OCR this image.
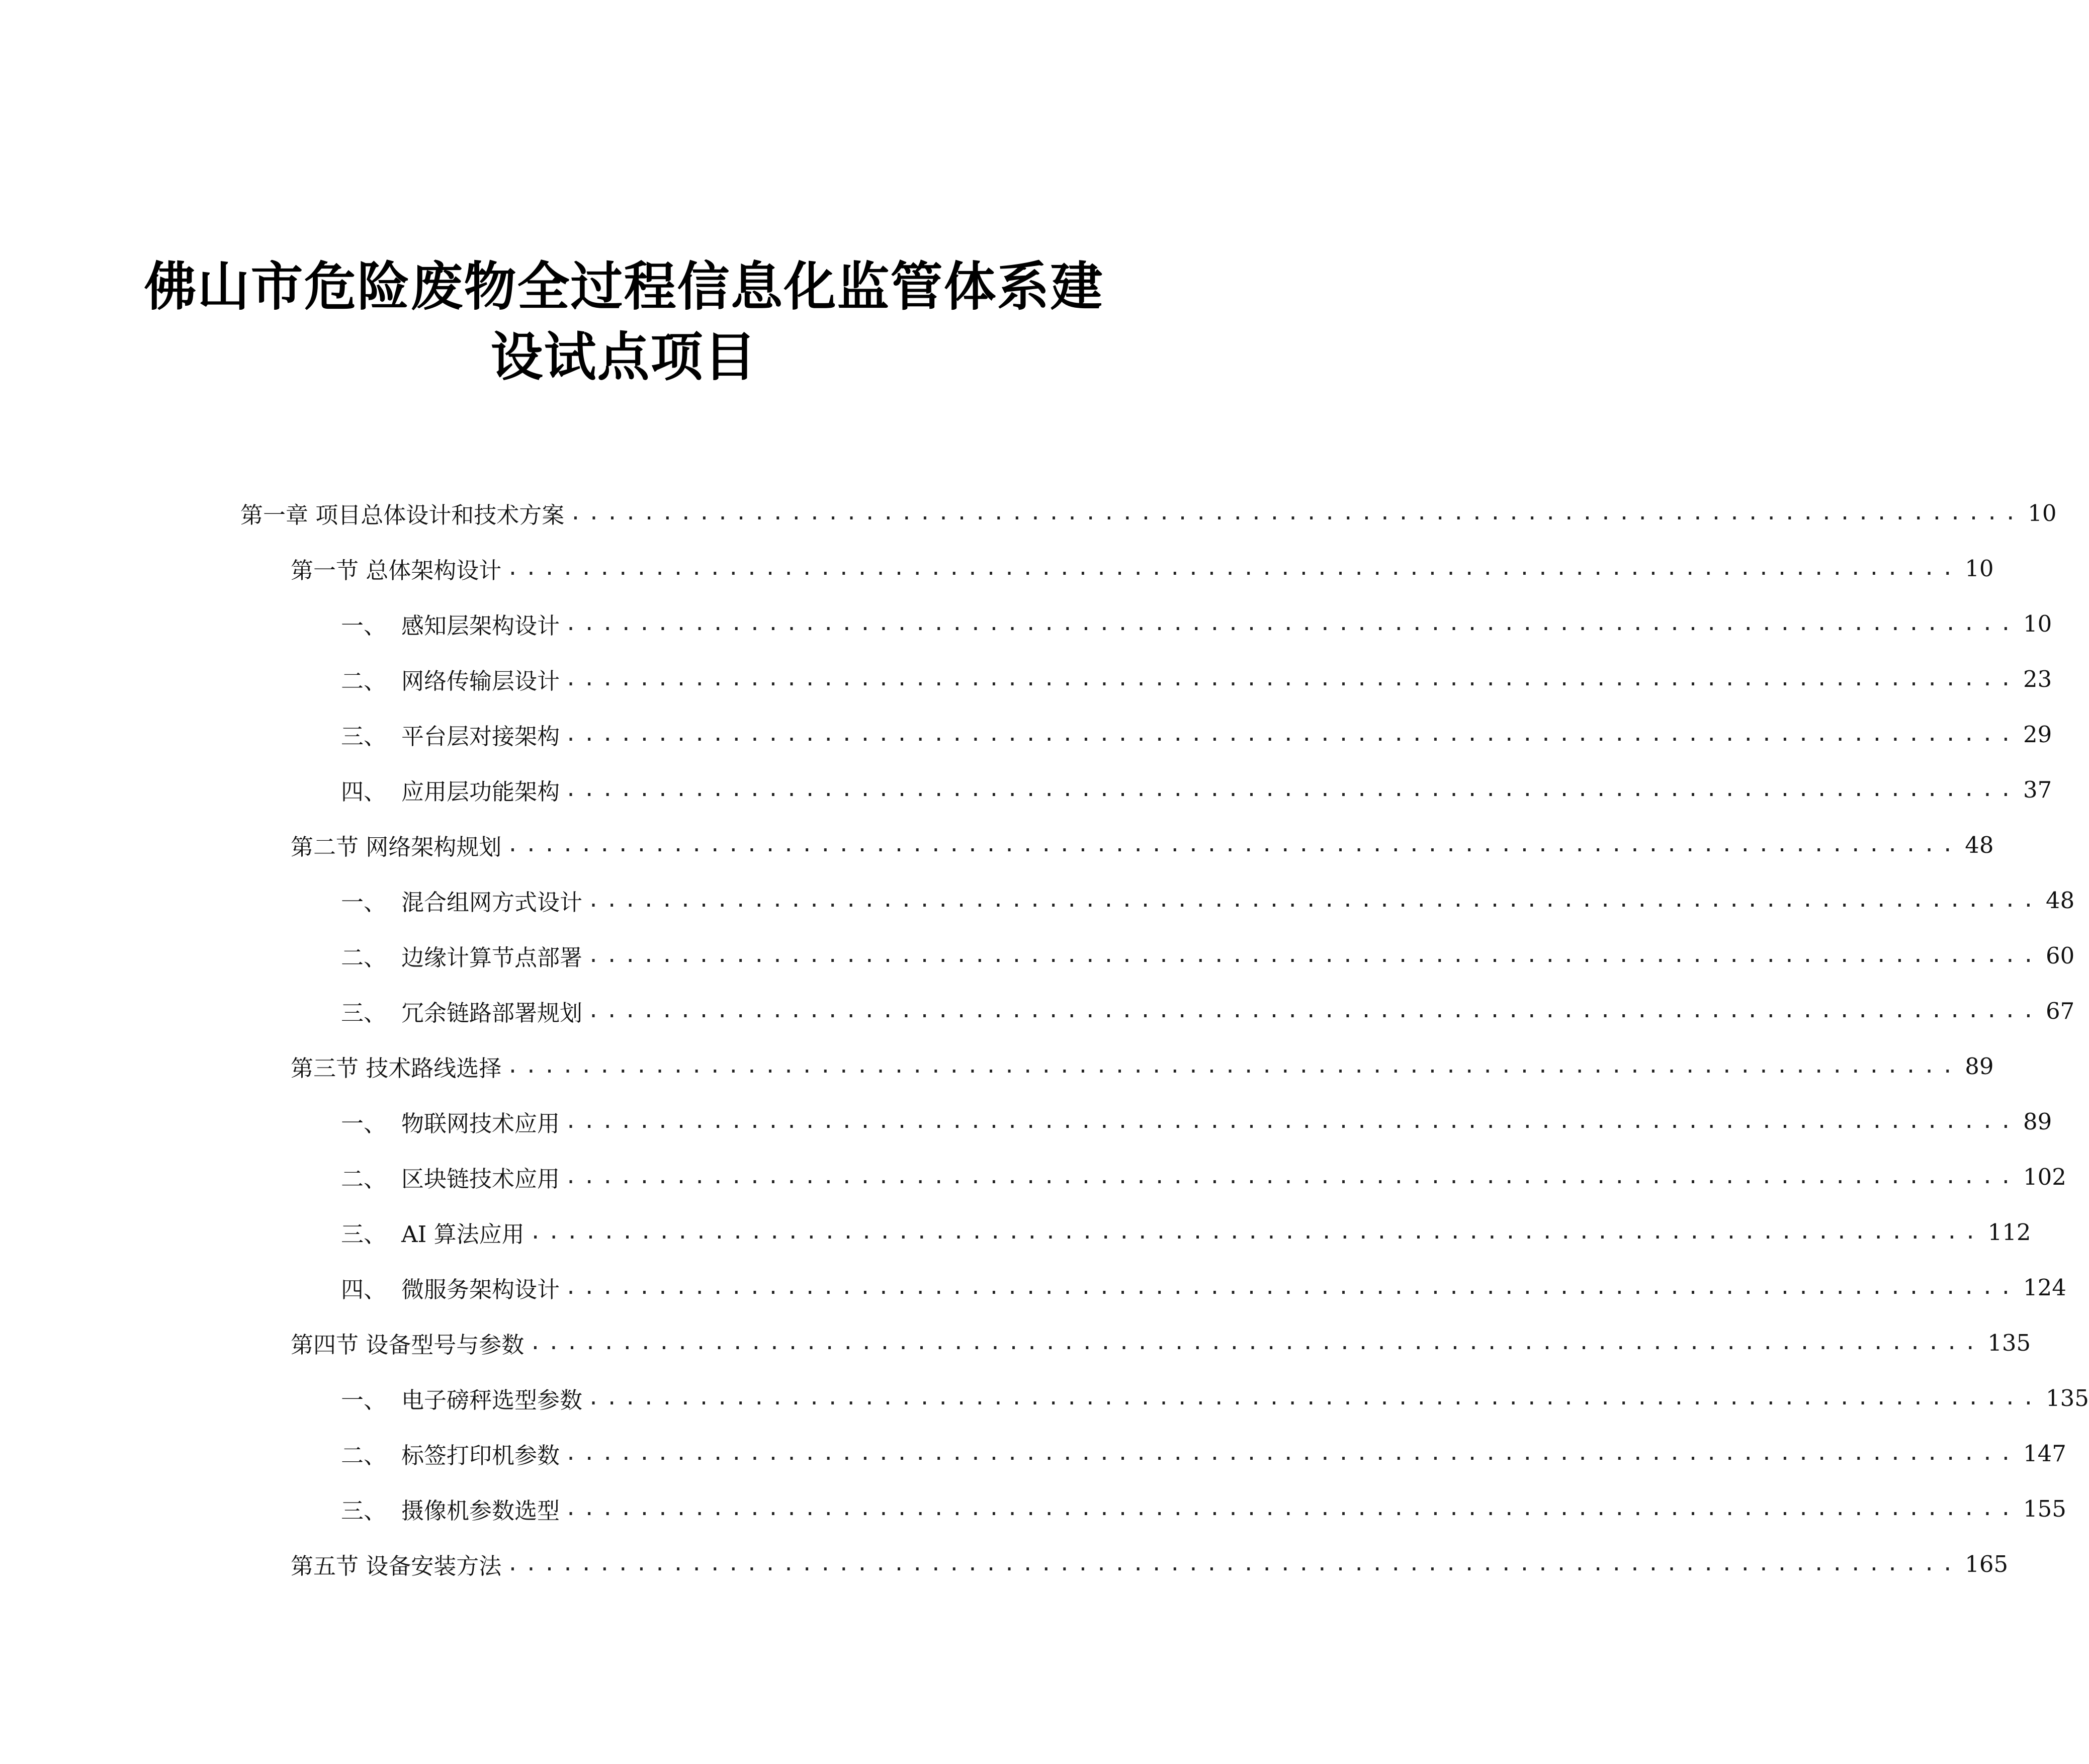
佛山市危险废物全过程信息化监管体系建
设试点项目
第一章 项目总体设计和技术方案 ............................................................................... 10
第一节 总体架构设计 ............................................................................... 10
一、 感知层架构设计 ............................................................................... 10
二、 网络传输层设计 ............................................................................... 23
三、 平台层对接架构 ............................................................................... 29
四、 应用层功能架构 ............................................................................... 37
第二节 网络架构规划 ............................................................................... 48
一、 混合组网方式设计 ............................................................................... 48
二、 边缘计算节点部署 ............................................................................... 60
三、 冗余链路部署规划 ............................................................................... 67
第三节 技术路线选择 ............................................................................... 89
一、 物联网技术应用 ............................................................................... 89
二、 区块链技术应用 ............................................................................... 102
三、 AI 算法应用 ............................................................................... 112
四、 微服务架构设计 ............................................................................... 124
第四节 设备型号与参数 ............................................................................... 135
一、 电子磅秤选型参数 ............................................................................... 135
二、 标签打印机参数 ............................................................................... 147
三、 摄像机参数选型 ............................................................................... 155
第五节 设备安装方法 ............................................................................... 165
